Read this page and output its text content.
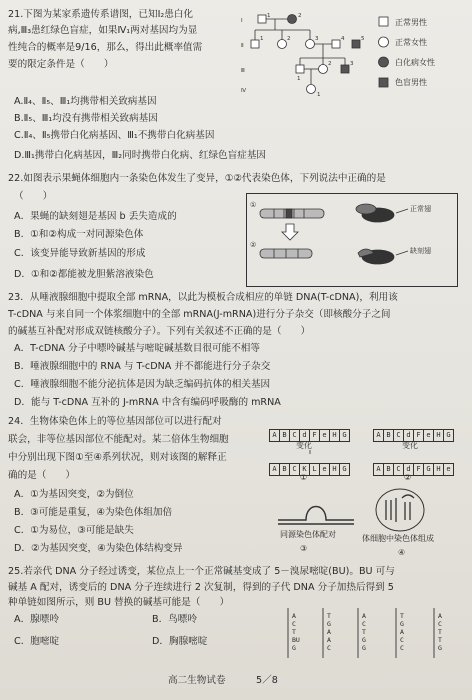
21.下图为某家系遗传系谱图，已知Ⅰ₂患白化
病,Ⅲ₃患红绿色盲症，如果Ⅳ₁两对基因均为显
性纯合的概率是9/16，那么，得出此概率值需
要的限定条件是（　　）
A.Ⅱ₄、Ⅱ₅、Ⅲ₁均携带相关致病基因
B.Ⅱ₅、Ⅲ₁均没有携带相关致病基因
C.Ⅱ₄、Ⅱ₅携带白化病基因、Ⅲ₁不携带白化病基因
D.Ⅲ₁携带白化病基因，Ⅲ₂同时携带白化病、红绿色盲症基因
Ⅰ
Ⅱ
Ⅲ
Ⅳ
1	2
1	2	3	4	5
1
2	3
1
正常男性
正常女性
白化病女性
色盲男性
22.如图表示果蝇体细胞内一条染色体发生了变异，①②代表染色体，下列说法中正确的是
（　　）
A．果蝇的缺刻翅是基因 b 丢失造成的
B．①和②构成一对同源染色体
C．该变异能导致新基因的形成
D．①和②都能被龙胆紫溶液染色
①
②
正常翅
缺刻翅
23．从唾液腺细胞中提取全部 mRNA，以此为模板合成相应的单链 DNA(T-cDNA)，利用该
T-cDNA 与来自同一个体浆细胞中的全部 mRNA(J-mRNA)进行分子杂交（即核酸分子之间
的碱基互补配对形成双链核酸分子）。下列有关叙述不正确的是（　　）
A．T-cDNA 分子中嘌呤碱基与嘧啶碱基数目很可能不相等
B．唾液腺细胞中的 RNA 与 T-cDNA 并不都能进行分子杂交
C．唾液腺细胞不能分泌抗体是因为缺乏编码抗体的相关基因
D．能与 T-cDNA 互补的 J-mRNA 中含有编码呼吸酶的 mRNA
24．生物体染色体上的等位基因部位可以进行配对
联会，非等位基因部位不能配对。某二倍体生物细胞
中分别出现下图①至④系列状况，则对该图的解释正
确的是（　　）
A．①为基因突变，②为倒位
B．③可能是重复，④为染色体组加倍
C．①为易位，③可能是缺失
D．②为基因突变，④为染色体结构变异
A B C d F e H G
变化
A B C K L e H G
①
A B C d F e H G
变化
A B C d F G H e
②
同源染色体配对
③
体细胞中染色体组成
④
25.若亲代 DNA 分子经过诱变，某位点上一个正常碱基变成了 5－溴尿嘧啶(BU)。BU 可与
碱基 A 配对，诱变后的 DNA 分子连续进行 2 次复制，得到的子代 DNA 分子加热后得到 5
种单链如图所示，则 BU 替换的碱基可能是（　　）
A．腺嘌呤	B．鸟嘌呤
C．胞嘧啶	D．胸腺嘧啶
A
C
T
BU
G
T
G
A
A
C
A
C
T
G
G
T
G
A
C
C
A
C
T
T
G
高二生物试卷	5／8
